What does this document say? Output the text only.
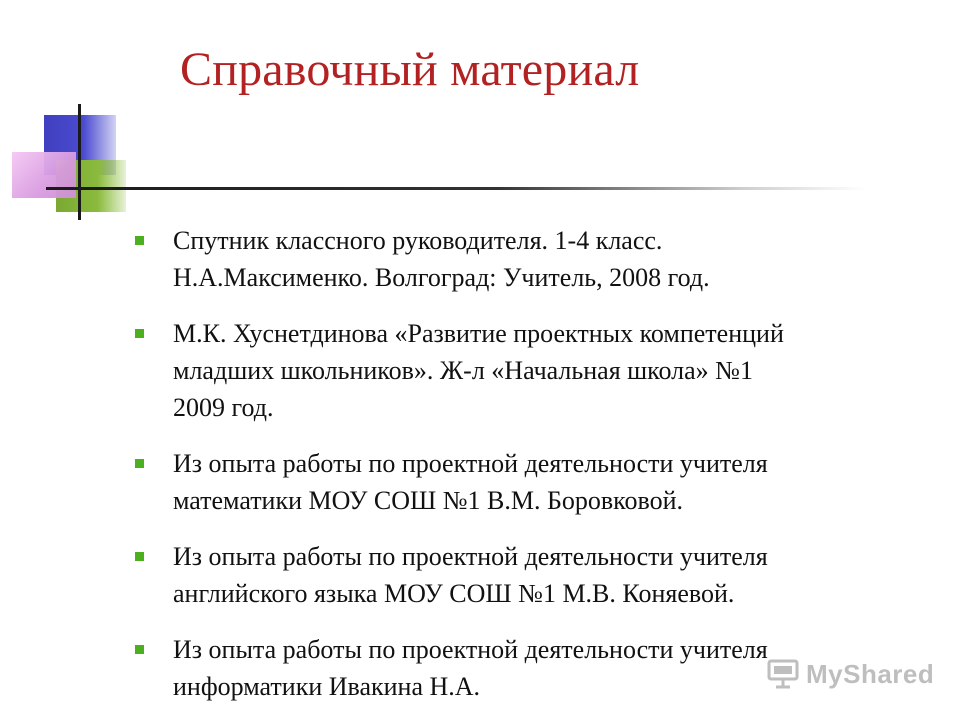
Справочный материал
Спутник классного руководителя. 1-4 класс.
Н.А.Максименко. Волгоград: Учитель, 2008 год.
М.К. Хуснетдинова «Развитие проектных компетенций
младших школьников». Ж-л «Начальная школа» №1
2009 год.
Из опыта работы по проектной деятельности учителя
математики МОУ СОШ №1 В.М. Боровковой.
Из опыта работы по проектной деятельности учителя
английского языка МОУ СОШ №1 М.В. Коняевой.
Из опыта работы по проектной деятельности учителя
информатики Ивакина Н.А.	MyShared
